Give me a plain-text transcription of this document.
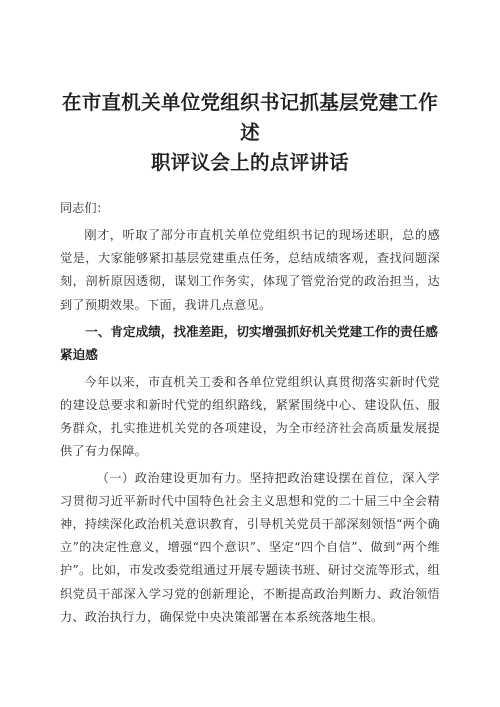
在市直机关单位党组织书记抓基层党建工作述
职评议会上的点评讲话

同志们：

刚才，听取了部分市直机关单位党组织书记的现场述职，总的感觉是，大家能够紧扣基层党建重点任务，总结成绩客观，查找问题深刻，剖析原因透彻，谋划工作务实，体现了管党治党的政治担当，达到了预期效果。下面，我讲几点意见。

一、肯定成绩，找准差距，切实增强抓好机关党建工作的责任感紧迫感

今年以来，市直机关工委和各单位党组织认真贯彻落实新时代党的建设总要求和新时代党的组织路线，紧紧围绕中心、建设队伍、服务群众，扎实推进机关党的各项建设，为全市经济社会高质量发展提供了有力保障。

（一）政治建设更加有力。坚持把政治建设摆在首位，深入学习贯彻习近平新时代中国特色社会主义思想和党的二十届三中全会精神，持续深化政治机关意识教育，引导机关党员干部深刻领悟“两个确立”的决定性意义，增强“四个意识”、坚定“四个自信”、做到“两个维护”。比如，市发改委党组通过开展专题读书班、研讨交流等形式，组织党员干部深入学习党的创新理论，不断提高政治判断力、政治领悟力、政治执行力，确保党中央决策部署在本系统落地生根。
